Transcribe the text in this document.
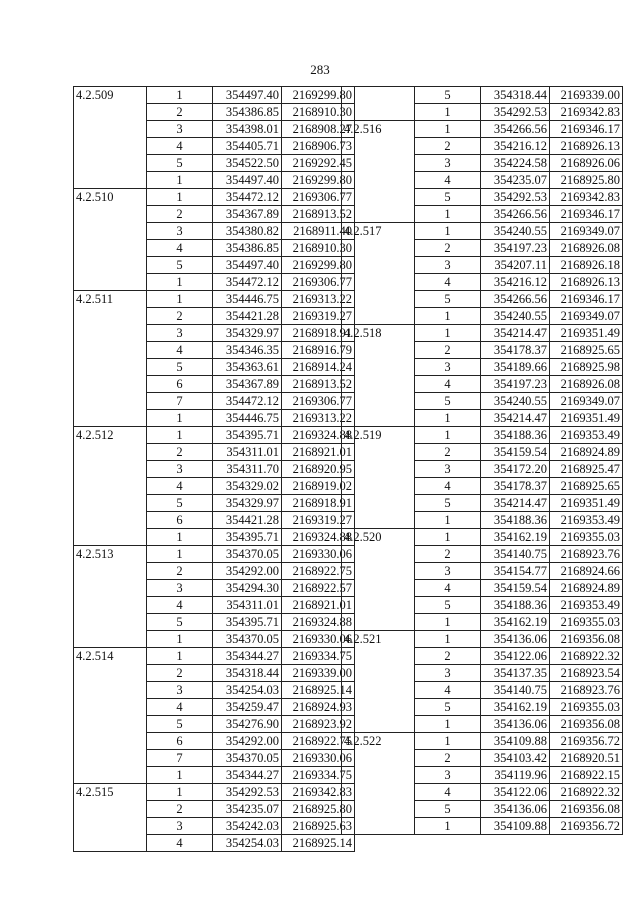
283
4.2.509	1	354497.40	2169299.80
	2	354386.85	2168910.30
	3	354398.01	2168908.27
	4	354405.71	2168906.73
	5	354522.50	2169292.45
	1	354497.40	2169299.80
4.2.510	1	354472.12	2169306.77
	2	354367.89	2168913.52
	3	354380.82	2168911.40
	4	354386.85	2168910.30
	5	354497.40	2169299.80
	1	354472.12	2169306.77
4.2.511	1	354446.75	2169313.22
	2	354421.28	2169319.27
	3	354329.97	2168918.91
	4	354346.35	2168916.79
	5	354363.61	2168914.24
	6	354367.89	2168913.52
	7	354472.12	2169306.77
	1	354446.75	2169313.22
4.2.512	1	354395.71	2169324.88
	2	354311.01	2168921.01
	3	354311.70	2168920.95
	4	354329.02	2168919.02
	5	354329.97	2168918.91
	6	354421.28	2169319.27
	1	354395.71	2169324.88
4.2.513	1	354370.05	2169330.06
	2	354292.00	2168922.75
	3	354294.30	2168922.57
	4	354311.01	2168921.01
	5	354395.71	2169324.88
	1	354370.05	2169330.06
4.2.514	1	354344.27	2169334.75
	2	354318.44	2169339.00
	3	354254.03	2168925.14
	4	354259.47	2168924.93
	5	354276.90	2168923.92
	6	354292.00	2168922.75
	7	354370.05	2169330.06
	1	354344.27	2169334.75
4.2.515	1	354292.53	2169342.83
	2	354235.07	2168925.80
	3	354242.03	2168925.63
	4	354254.03	2168925.14
	5	354318.44	2169339.00
	1	354292.53	2169342.83
4.2.516	1	354266.56	2169346.17
	2	354216.12	2168926.13
	3	354224.58	2168926.06
	4	354235.07	2168925.80
	5	354292.53	2169342.83
	1	354266.56	2169346.17
4.2.517	1	354240.55	2169349.07
	2	354197.23	2168926.08
	3	354207.11	2168926.18
	4	354216.12	2168926.13
	5	354266.56	2169346.17
	1	354240.55	2169349.07
4.2.518	1	354214.47	2169351.49
	2	354178.37	2168925.65
	3	354189.66	2168925.98
	4	354197.23	2168926.08
	5	354240.55	2169349.07
	1	354214.47	2169351.49
4.2.519	1	354188.36	2169353.49
	2	354159.54	2168924.89
	3	354172.20	2168925.47
	4	354178.37	2168925.65
	5	354214.47	2169351.49
	1	354188.36	2169353.49
4.2.520	1	354162.19	2169355.03
	2	354140.75	2168923.76
	3	354154.77	2168924.66
	4	354159.54	2168924.89
	5	354188.36	2169353.49
	1	354162.19	2169355.03
4.2.521	1	354136.06	2169356.08
	2	354122.06	2168922.32
	3	354137.35	2168923.54
	4	354140.75	2168923.76
	5	354162.19	2169355.03
	1	354136.06	2169356.08
4.2.522	1	354109.88	2169356.72
	2	354103.42	2168920.51
	3	354119.96	2168922.15
	4	354122.06	2168922.32
	5	354136.06	2169356.08
	1	354109.88	2169356.72
